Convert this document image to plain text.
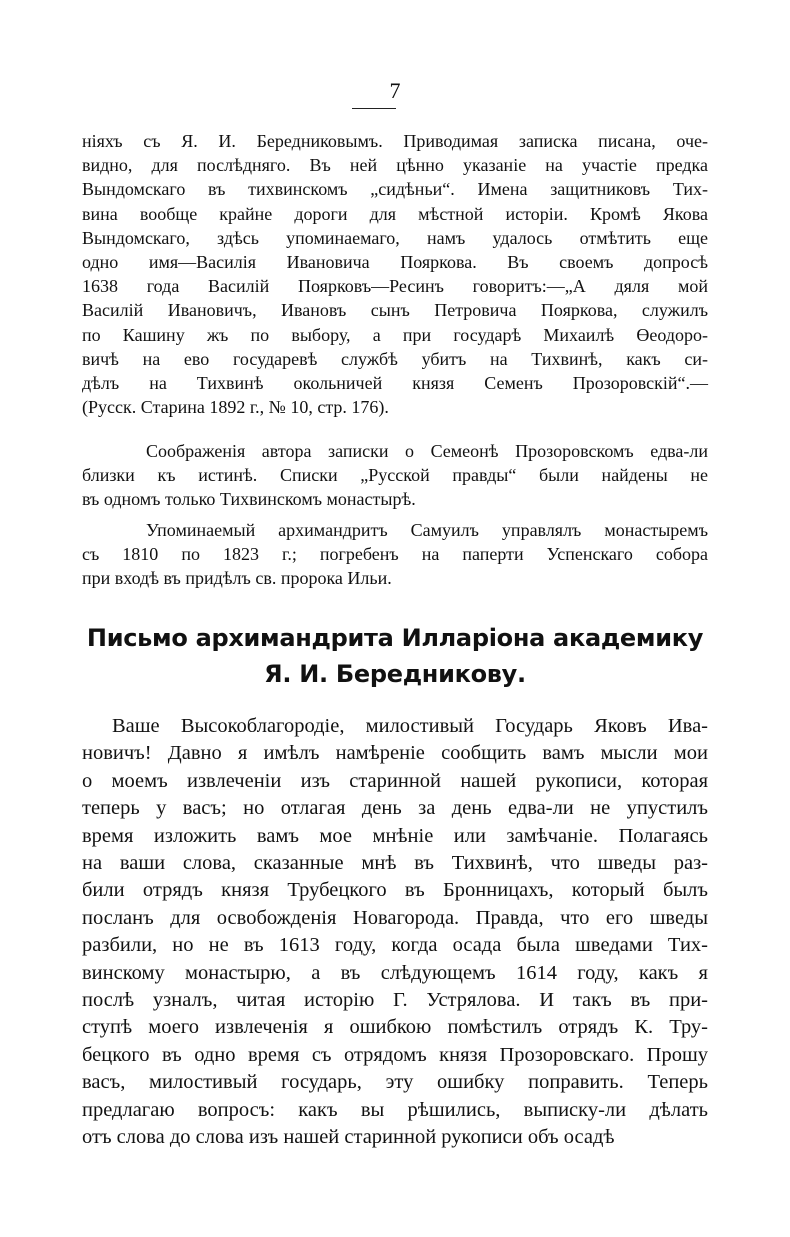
7
ніяхъ съ Я. И. Бередниковымъ. Приводимая записка писана, оче-
видно, для послѣдняго. Въ ней цѣнно указаніе на участіе предка
Вындомскаго въ тихвинскомъ „сидѣньи“. Имена защитниковъ Тих-
вина вообще крайне дороги для мѣстной исторіи. Кромѣ Якова
Вындомскаго, здѣсь упоминаемаго, намъ удалось отмѣтить еще
одно имя—Василія Ивановича Пояркова. Въ своемъ допросѣ
1638 года Василій Поярковъ—Ресинъ говоритъ:—„А дяля мой
Василій Ивановичъ, Ивановъ сынъ Петровича Пояркова, служилъ
по Кашину жъ по выбору, а при государѣ Михаилѣ Өеодоро-
вичѣ на ево государевѣ службѣ убитъ на Тихвинѣ, какъ си-
дѣлъ на Тихвинѣ окольничей князя Семенъ Прозоровскій“.—
(Русск. Старина 1892 г., № 10, стр. 176).
Соображенія автора записки о Семеонѣ Прозоровскомъ едва-ли
близки къ истинѣ. Списки „Русской правды“ были найдены не
въ одномъ только Тихвинскомъ монастырѣ.
Упоминаемый архимандритъ Самуилъ управлялъ монастыремъ
съ 1810 по 1823 г.; погребенъ на паперти Успенскаго собора
при входѣ въ придѣлъ св. пророка Ильи.
Письмо архимандрита Илларіона академику
Я. И. Бередникову.
Ваше Высокоблагородіе, милостивый Государь Яковъ Ива-
новичъ! Давно я имѣлъ намѣреніе сообщить вамъ мысли мои
о моемъ извлеченіи изъ старинной нашей рукописи, которая
теперь у васъ; но отлагая день за день едва-ли не упустилъ
время изложить вамъ мое мнѣніе или замѣчаніе. Полагаясь
на ваши слова, сказанные мнѣ въ Тихвинѣ, что шведы раз-
били отрядъ князя Трубецкого въ Бронницахъ, который былъ
посланъ для освобожденія Новагорода. Правда, что его шведы
разбили, но не въ 1613 году, когда осада была шведами Тих-
винскому монастырю, а въ слѣдующемъ 1614 году, какъ я
послѣ узналъ, читая исторію Г. Устрялова. И такъ въ при-
ступѣ моего извлеченія я ошибкою помѣстилъ отрядъ К. Тру-
бецкого въ одно время съ отрядомъ князя Прозоровскаго. Прошу
васъ, милостивый государь, эту ошибку поправить. Теперь
предлагаю вопросъ: какъ вы рѣшились, выписку-ли дѣлать
отъ слова до слова изъ нашей старинной рукописи объ осадѣ
